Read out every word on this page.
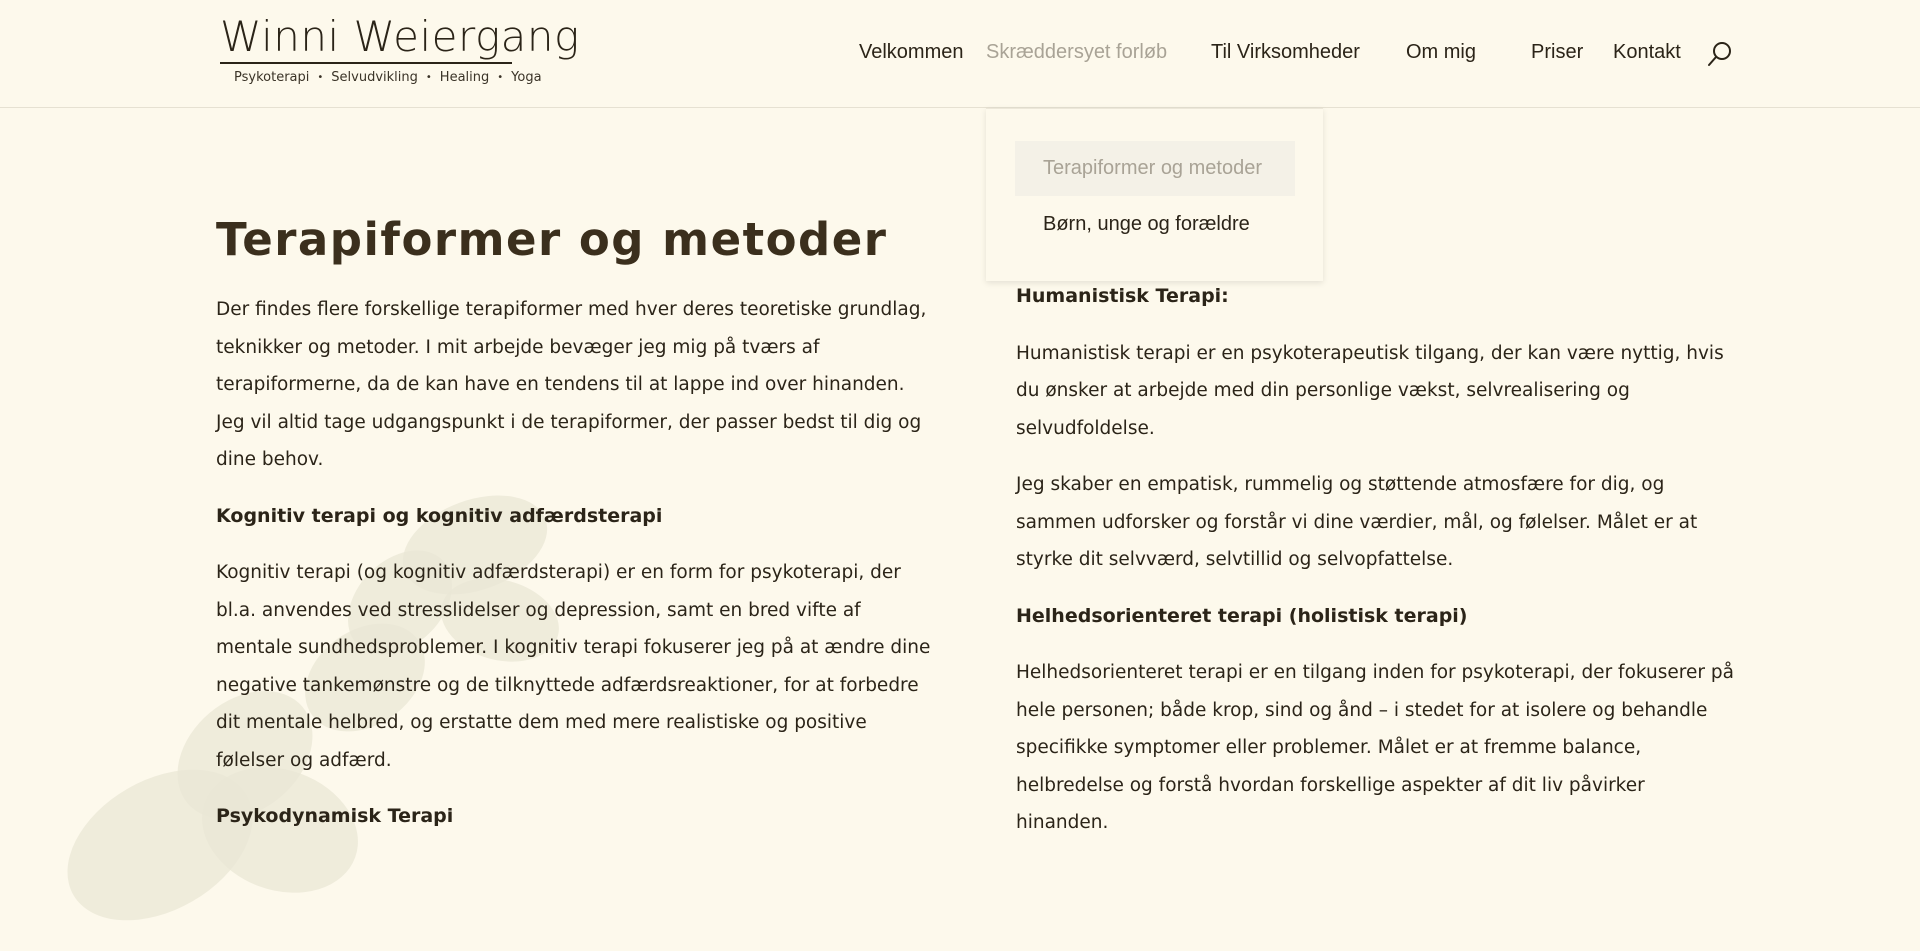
Winni Weiergang
Psykoterapi • Selvudvikling • Healing • Yoga
Velkommen Skræddersyet forløb Til Virksomheder Om mig	Priser Kontakt
Terapiformer og metoder
Børn, unge og forældre
Terapiformer og metoder

Der findes flere forskellige terapiformer med hver deres teoretiske grundlag, teknikker og metoder. I mit arbejde bevæger jeg mig på tværs af terapiformerne, da de kan have en tendens til at lappe ind over hinanden. Jeg vil altid tage udgangspunkt i de terapiformer, der passer bedst til dig og dine behov.

Kognitiv terapi og kognitiv adfærdsterapi

Kognitiv terapi (og kognitiv adfærdsterapi) er en form for psykoterapi, der bl.a. anvendes ved stresslidelser og depression, samt en bred vifte af mentale sundhedsproblemer. I kognitiv terapi fokuserer jeg på at ændre dine negative tankemønstre og de tilknyttede adfærdsreaktioner, for at forbedre dit mentale helbred, og erstatte dem med mere realistiske og positive følelser og adfærd.

Psykodynamisk Terapi

Humanistisk Terapi:

Humanistisk terapi er en psykoterapeutisk tilgang, der kan være nyttig, hvis du ønsker at arbejde med din personlige vækst, selvrealisering og selvudfoldelse.

Jeg skaber en empatisk, rummelig og støttende atmosfære for dig, og sammen udforsker og forstår vi dine værdier, mål, og følelser. Målet er at styrke dit selvværd, selvtillid og selvopfattelse.

Helhedsorienteret terapi (holistisk terapi)

Helhedsorienteret terapi er en tilgang inden for psykoterapi, der fokuserer på hele personen; både krop, sind og ånd – i stedet for at isolere og behandle specifikke symptomer eller problemer. Målet er at fremme balance, helbredelse og forstå hvordan forskellige aspekter af dit liv påvirker hinanden.
